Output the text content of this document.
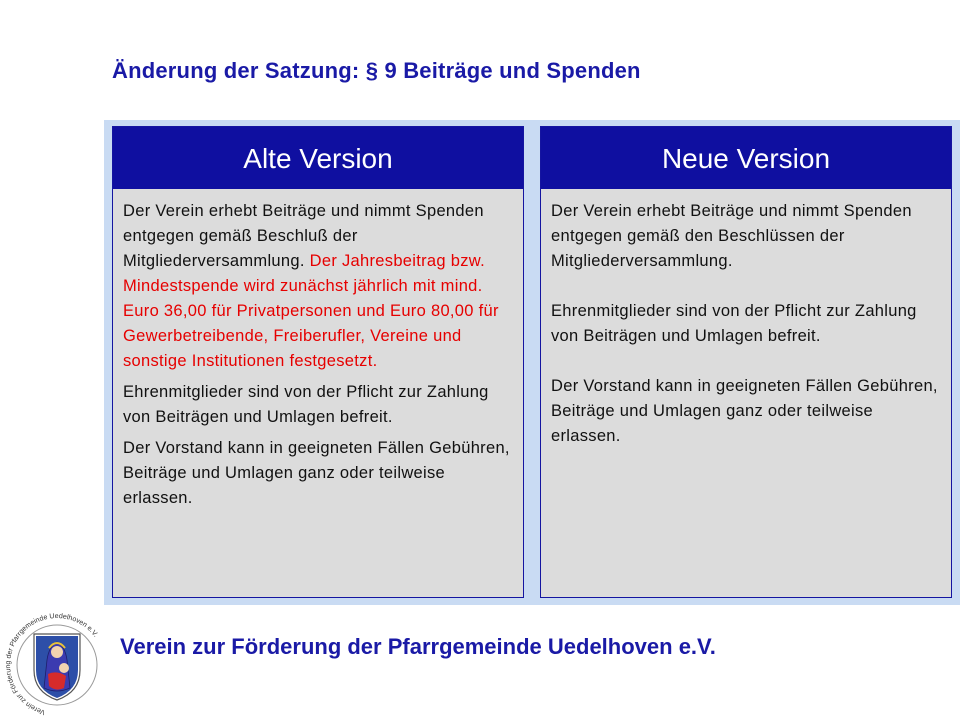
Änderung der Satzung: § 9 Beiträge und Spenden
Alte Version

Der Verein erhebt Beiträge und nimmt Spenden entgegen gemäß Beschluß der Mitgliederversammlung. Der Jahresbeitrag bzw. Mindestspende wird zunächst jährlich mit mind. Euro 36,00 für Privatpersonen und Euro 80,00 für Gewerbetreibende, Freiberufler, Vereine und sonstige Institutionen festgesetzt.

Ehrenmitglieder sind von der Pflicht zur Zahlung von Beiträgen und Umlagen befreit.

Der Vorstand kann in geeigneten Fällen Gebühren, Beiträge und Umlagen ganz oder teilweise erlassen.

Neue Version

Der Verein erhebt Beiträge und nimmt Spenden entgegen gemäß den Beschlüssen der Mitgliederversammlung.

Ehrenmitglieder sind von der Pflicht zur Zahlung von Beiträgen und Umlagen befreit.

Der Vorstand kann in geeigneten Fällen Gebühren, Beiträge und Umlagen ganz oder teilweise erlassen.

Verein zur Förderung der Pfarrgemeinde Uedelhoven e.V. Verein zur Förderung der Pfarrgemeinde Uedelhoven e.V.
